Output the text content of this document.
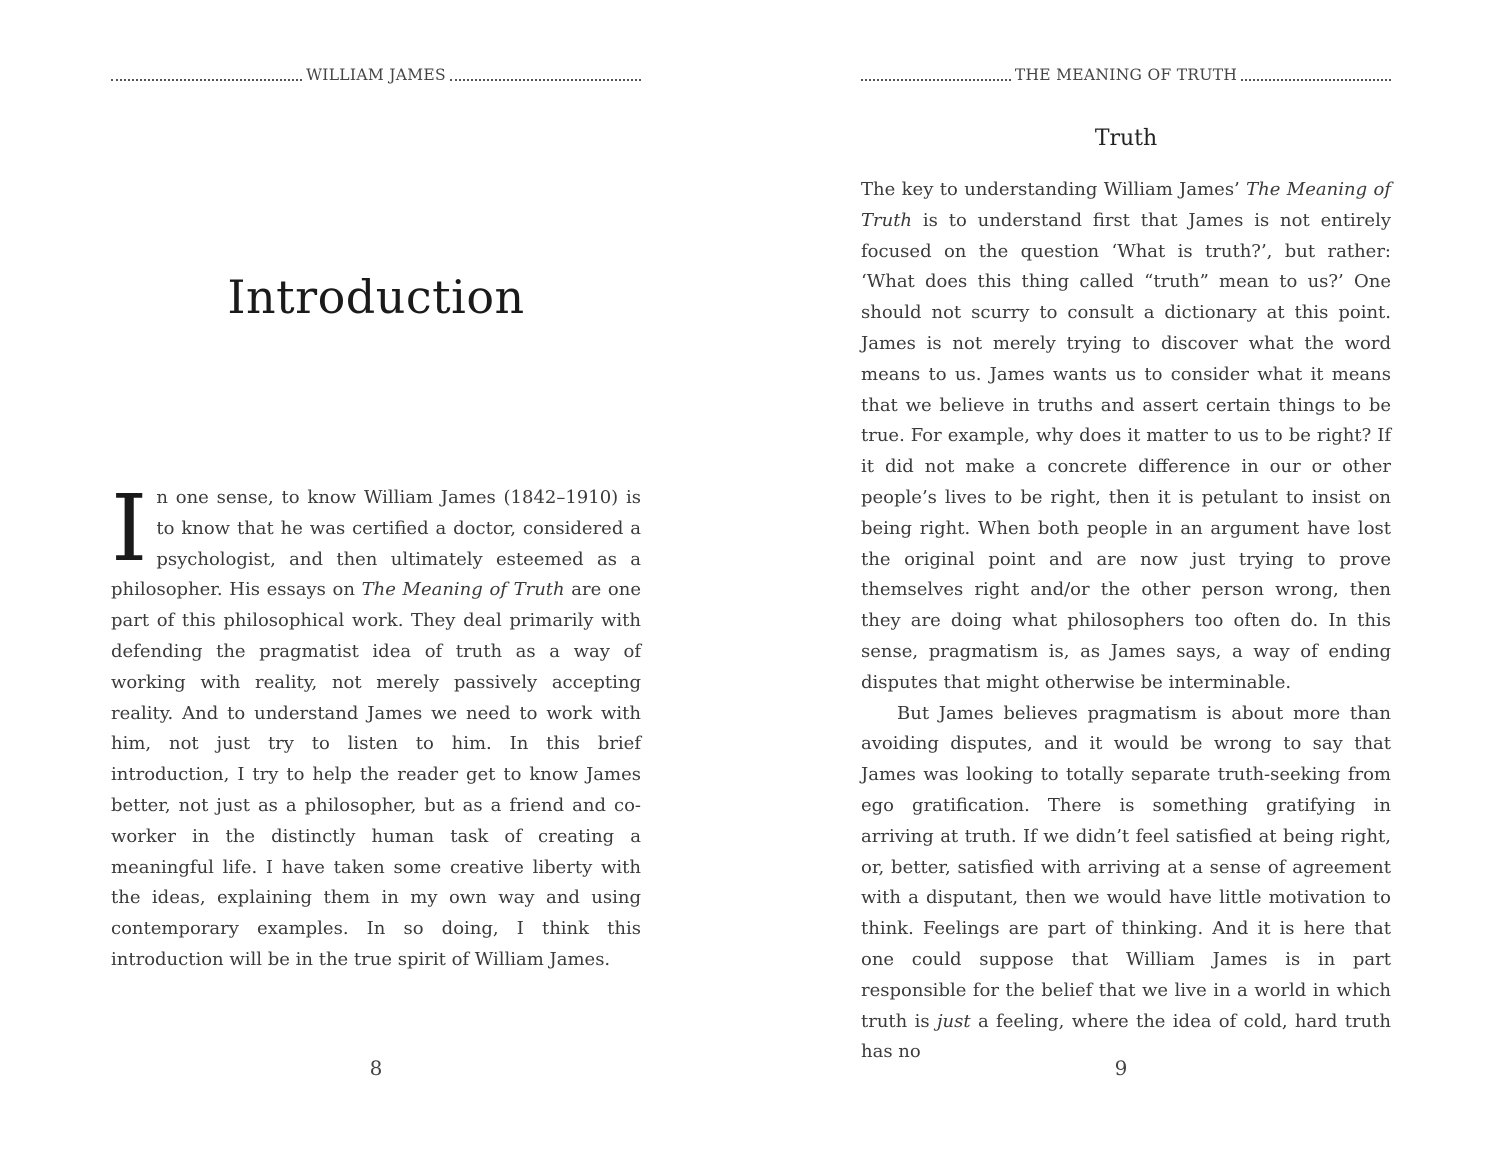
WILLIAM JAMES
Introduction

In one sense, to know William James (1842–1910) is to know that he was certified a doctor, considered a psychologist, and then ultimately esteemed as a philosopher. His essays on The Meaning of Truth are one part of this philosophical work. They deal primarily with defending the pragmatist idea of truth as a way of working with reality, not merely passively accepting reality. And to understand James we need to work with him, not just try to listen to him. In this brief introduction, I try to help the reader get to know James better, not just as a philosopher, but as a friend and co-worker in the distinctly human task of creating a meaningful life. I have taken some creative liberty with the ideas, explaining them in my own way and using contemporary examples. In so doing, I think this introduction will be in the true spirit of William James.

8
THE MEANING OF TRUTH
Truth

The key to understanding William James’ The Meaning of Truth is to understand first that James is not entirely focused on the question ‘What is truth?’, but rather: ‘What does this thing called “truth” mean to us?’ One should not scurry to consult a dictionary at this point. James is not merely trying to discover what the word means to us. James wants us to consider what it means that we believe in truths and assert certain things to be true. For example, why does it matter to us to be right? If it did not make a concrete difference in our or other people’s lives to be right, then it is petulant to insist on being right. When both people in an argument have lost the original point and are now just trying to prove themselves right and/or the other person wrong, then they are doing what philosophers too often do. In this sense, pragmatism is, as James says, a way of ending disputes that might otherwise be interminable.

But James believes pragmatism is about more than avoiding disputes, and it would be wrong to say that James was looking to totally separate truth-seeking from ego gratification. There is something gratifying in arriving at truth. If we didn’t feel satisfied at being right, or, better, satisfied with arriving at a sense of agreement with a disputant, then we would have little motivation to think. Feelings are part of thinking. And it is here that one could suppose that William James is in part responsible for the belief that we live in a world in which truth is just a feeling, where the idea of cold, hard truth has no

9
